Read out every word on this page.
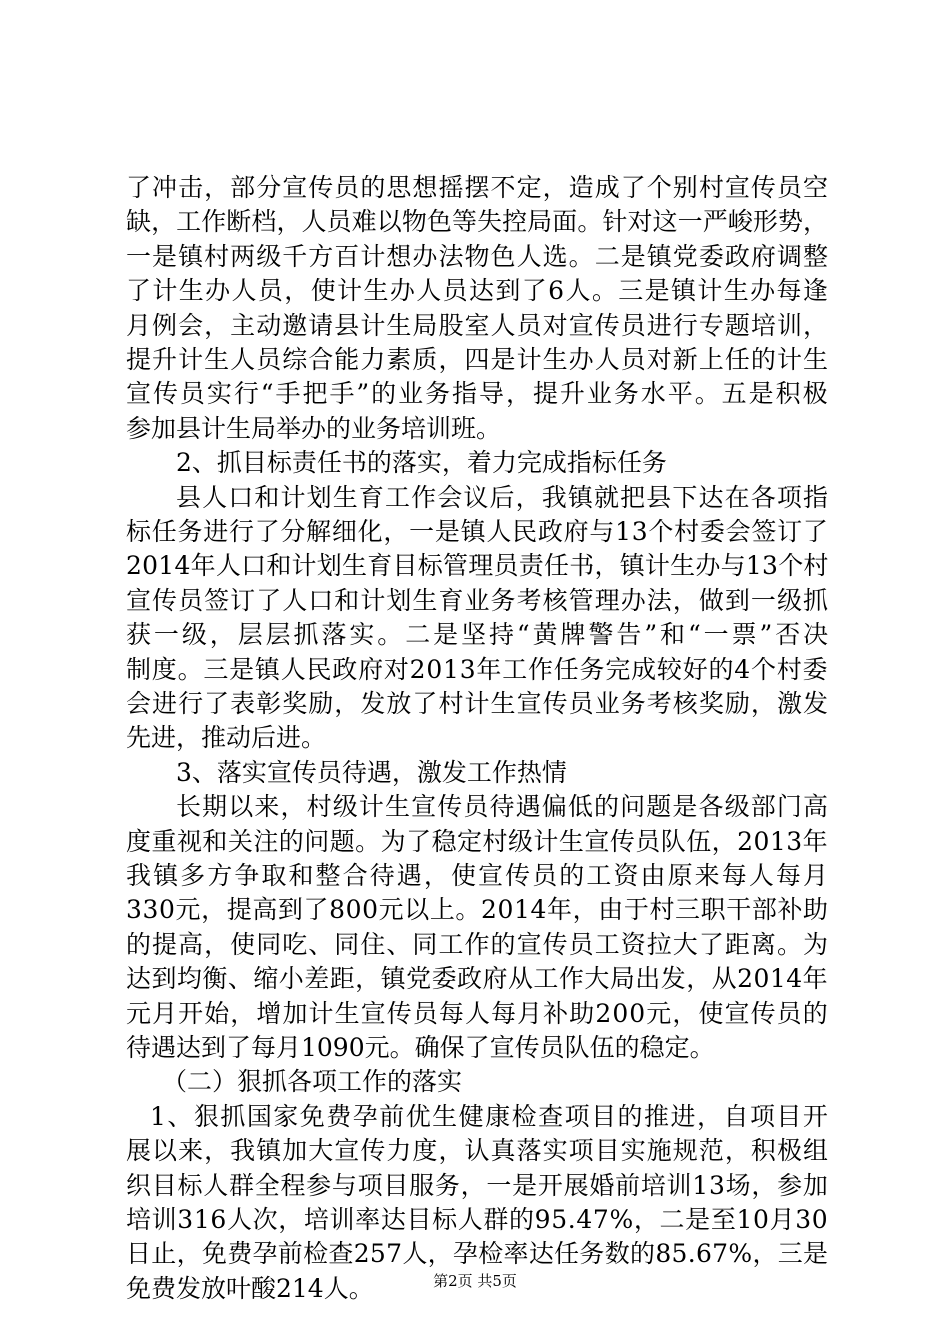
了冲击，部分宣传员的思想摇摆不定，造成了个别村宣传员空
缺，工作断档，人员难以物色等失控局面。针对这一严峻形势，
一是镇村两级千方百计想办法物色人选。二是镇党委政府调整
了计生办人员，使计生办人员达到了6人。三是镇计生办每逢
月例会，主动邀请县计生局股室人员对宣传员进行专题培训，
提升计生人员综合能力素质，四是计生办人员对新上任的计生
宣传员实行“手把手”的业务指导，提升业务水平。五是积极
参加县计生局举办的业务培训班。
2、抓目标责任书的落实，着力完成指标任务
县人口和计划生育工作会议后，我镇就把县下达在各项指
标任务进行了分解细化，一是镇人民政府与13个村委会签订了
2014年人口和计划生育目标管理员责任书，镇计生办与13个村
宣传员签订了人口和计划生育业务考核管理办法，做到一级抓
获一级，层层抓落实。二是坚持“黄牌警告”和“一票”否决
制度。三是镇人民政府对2013年工作任务完成较好的4个村委
会进行了表彰奖励，发放了村计生宣传员业务考核奖励，激发
先进，推动后进。
3、落实宣传员待遇，激发工作热情
长期以来，村级计生宣传员待遇偏低的问题是各级部门高
度重视和关注的问题。为了稳定村级计生宣传员队伍，2013年
我镇多方争取和整合待遇，使宣传员的工资由原来每人每月
330元，提高到了800元以上。2014年，由于村三职干部补助
的提高，使同吃、同住、同工作的宣传员工资拉大了距离。为
达到均衡、缩小差距，镇党委政府从工作大局出发，从2014年
元月开始，增加计生宣传员每人每月补助200元，使宣传员的
待遇达到了每月1090元。确保了宣传员队伍的稳定。
（二）狠抓各项工作的落实
1、狠抓国家免费孕前优生健康检查项目的推进，自项目开
展以来，我镇加大宣传力度，认真落实项目实施规范，积极组
织目标人群全程参与项目服务，一是开展婚前培训13场，参加
培训316人次，培训率达目标人群的95.47%，二是至10月30
日止，免费孕前检查257人，孕检率达任务数的85.67%，三是
免费发放叶酸214人。	第2页 共5页
